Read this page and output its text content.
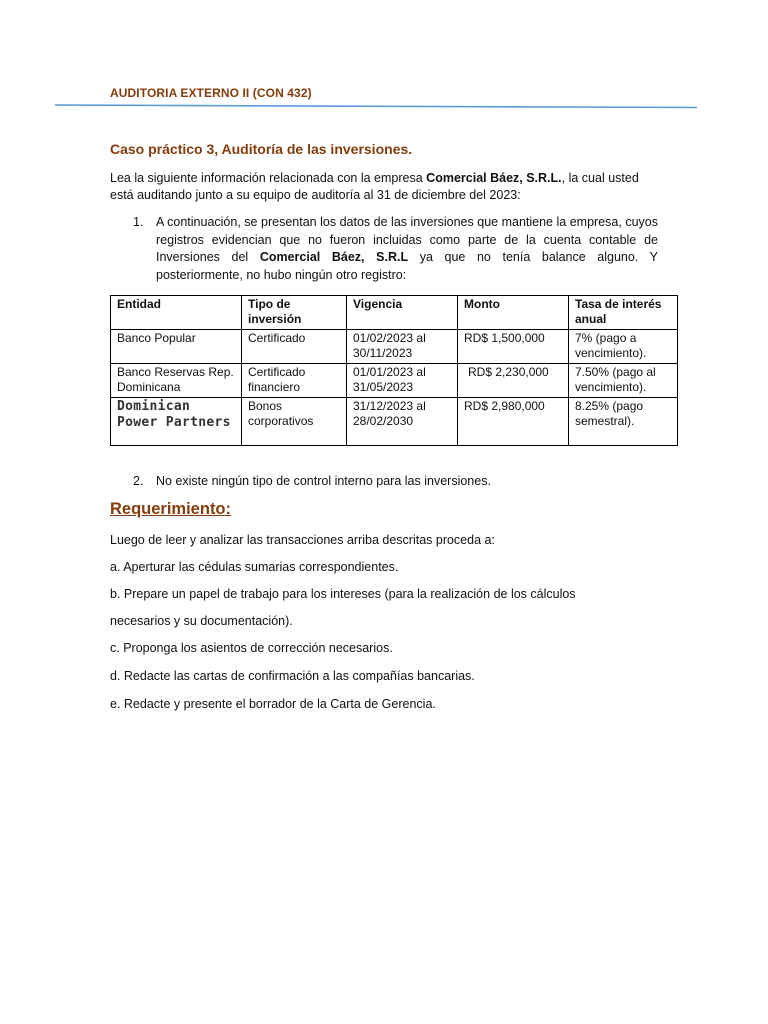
AUDITORIA EXTERNO II (CON 432)
Caso práctico 3, Auditoría de las inversiones.
Lea la siguiente información relacionada con la empresa Comercial Báez, S.R.L., la cual usted está auditando junto a su equipo de auditoría al 31 de diciembre del 2023:
1. A continuación, se presentan los datos de las inversiones que mantiene la empresa, cuyos registros evidencian que no fueron incluidas como parte de la cuenta contable de Inversiones del Comercial Báez, S.R.L ya que no tenía balance alguno. Y posteriormente, no hubo ningún otro registro:
Entidad	Tipo de inversión	Vigencia	Monto	Tasa de interés anual
Banco Popular	Certificado	01/02/2023 al 30/11/2023	RD$ 1,500,000	7% (pago a vencimiento).
Banco Reservas Rep. Dominicana	Certificado financiero	01/01/2023 al 31/05/2023	RD$ 2,230,000	7.50% (pago al vencimiento).

Dominican Power Partners	Bonos corporativos	31/12/2023 al 28/02/2030	RD$ 2,980,000	8.25% (pago semestral).
2. No existe ningún tipo de control interno para las inversiones.
Requerimiento:
Luego de leer y analizar las transacciones arriba descritas proceda a:
a. Aperturar las cédulas sumarias correspondientes.
b. Prepare un papel de trabajo para los intereses (para la realización de los cálculos
necesarios y su documentación).
c. Proponga los asientos de corrección necesarios.
d. Redacte las cartas de confirmación a las compañías bancarias.
e. Redacte y presente el borrador de la Carta de Gerencia.
